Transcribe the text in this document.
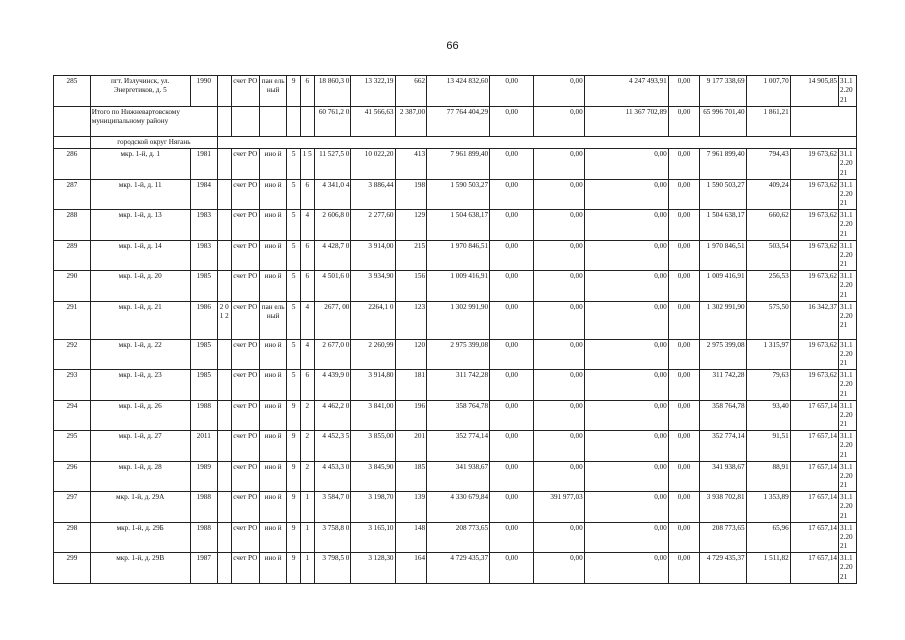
66
285	пгт. Излучинск, ул. Энергетиков, д. 5	1990		счет РО	пан ель ный	9	6	18 860,3 0	13 322,19	662	13 424 832,60	0,00	0,00	4 247 493,91	0,00	9 177 338,69	1 007,70	14 905,85	31.1 2.20 21
	Итого по Нижневартовскому муниципальному району							60 761,2 0	41 566,63	2 387,00	77 764 404,29	0,00	0,00	11 367 702,89	0,00	65 996 701,40	1 861,21		
	городской округ Нягань																		
286	мкр. 1-й, д. 1	1981		счет РО	ино й	5	1 5	11 527,5 0	10 022,20	413	7 961 899,40	0,00	0,00	0,00	0,00	7 961 899,40	794,43	19 673,62	31.1 2.20 21
287	мкр. 1-й, д. 11	1984		счет РО	ино й	5	6	4 341,0 4	3 886,44	198	1 590 503,27	0,00	0,00	0,00	0,00	1 590 503,27	409,24	19 673,62	31.1 2.20 21
288	мкр. 1-й, д. 13	1983		счет РО	ино й	5	4	2 606,8 0	2 277,60	129	1 504 638,17	0,00	0,00	0,00	0,00	1 504 638,17	660,62	19 673,62	31.1 2.20 21
289	мкр. 1-й, д. 14	1983		счет РО	ино й	5	6	4 428,7 0	3 914,00	215	1 970 846,51	0,00	0,00	0,00	0,00	1 970 846,51	503,54	19 673,62	31.1 2.20 21
290	мкр. 1-й, д. 20	1985		счет РО	ино й	5	6	4 501,6 0	3 934,90	156	1 009 416,91	0,00	0,00	0,00	0,00	1 009 416,91	256,53	19 673,62	31.1 2.20 21
291	мкр. 1-й, д. 21	1986	2 0 1 2	счет РО	пан ель ный	5	4	2677, 00	2264,1 0	123	1 302 991,90	0,00	0,00	0,00	0,00	1 302 991,90	575,50	16 342,37	31.1 2.20 21
292	мкр. 1-й, д. 22	1985		счет РО	ино й	5	4	2 677,0 0	2 260,99	120	2 975 399,08	0,00	0,00	0,00	0,00	2 975 399,08	1 315,97	19 673,62	31.1 2.20 21
293	мкр. 1-й, д. 23	1985		счет РО	ино й	5	6	4 439,9 0	3 914,80	181	311 742,28	0,00	0,00	0,00	0,00	311 742,28	79,63	19 673,62	31.1 2.20 21
294	мкр. 1-й, д. 26	1988		счет РО	ино й	9	2	4 462,2 0	3 841,00	196	358 764,78	0,00	0,00	0,00	0,00	358 764,78	93,40	17 657,14	31.1 2.20 21
295	мкр. 1-й, д. 27	2011		счет РО	ино й	9	2	4 452,3 5	3 855,00	201	352 774,14	0,00	0,00	0,00	0,00	352 774,14	91,51	17 657,14	31.1 2.20 21
296	мкр. 1-й, д. 28	1989		счет РО	ино й	9	2	4 453,3 0	3 845,90	185	341 938,67	0,00	0,00	0,00	0,00	341 938,67	88,91	17 657,14	31.1 2.20 21
297	мкр. 1-й, д. 29А	1988		счет РО	ино й	9	1	3 584,7 0	3 198,70	139	4 330 679,84	0,00	391 977,03	0,00	0,00	3 938 702,81	1 353,89	17 657,14	31.1 2.20 21
298	мкр. 1-й, д. 29Б	1988		счет РО	ино й	9	1	3 758,8 0	3 165,10	148	208 773,65	0,00	0,00	0,00	0,00	208 773,65	65,96	17 657,14	31.1 2.20 21
299	мкр. 1-й, д. 29В	1987		счет РО	ино й	9	1	3 798,5 0	3 128,30	164	4 729 435,37	0,00	0,00	0,00	0,00	4 729 435,37	1 511,82	17 657,14	31.1 2.20 21
